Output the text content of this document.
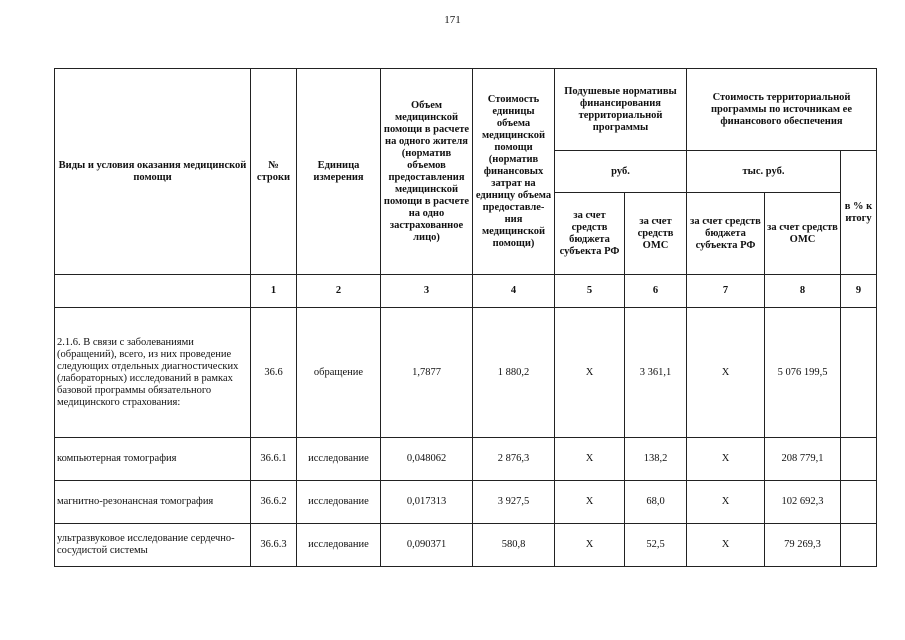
171
Виды и условия оказания медицинской помощи	№ строки	Единица измерения	Объем медицинской помощи в расчете на одного жителя (норматив объемов предоставления медицинской помощи в расчете на одно застрахованное лицо)	Стоимость единицы объема медицинской помощи (норматив финансовых затрат на единицу объема предоставле-ния медицинской помощи)	Подушевые нормативы финансирования территориальной программы		Стоимость территориальной программы по источникам ее финансового обеспечения		
					руб.		тыс. руб.		в % к итогу
					за счет средств бюджета субъекта РФ	за счет средств ОМС	за счет средств бюджета субъекта РФ	за счет средств ОМС	
	1	2	3	4	5	6	7	8	9
2.1.6. В связи с заболеваниями (обращений), всего, из них проведение следующих отдельных диагностических (лабораторных) исследований в рамках базовой программы обязательного медицинского страхования:	36.6	обращение	1,7877	1 880,2	X	3 361,1	X	5 076 199,5	
компьютерная томография	36.6.1	исследование	0,048062	2 876,3	X	138,2	X	208 779,1	
магнитно-резонансная томография	36.6.2	исследование	0,017313	3 927,5	X	68,0	X	102 692,3	
ультразвуковое исследование сердечно-сосудистой системы	36.6.3	исследование	0,090371	580,8	X	52,5	X	79 269,3	
